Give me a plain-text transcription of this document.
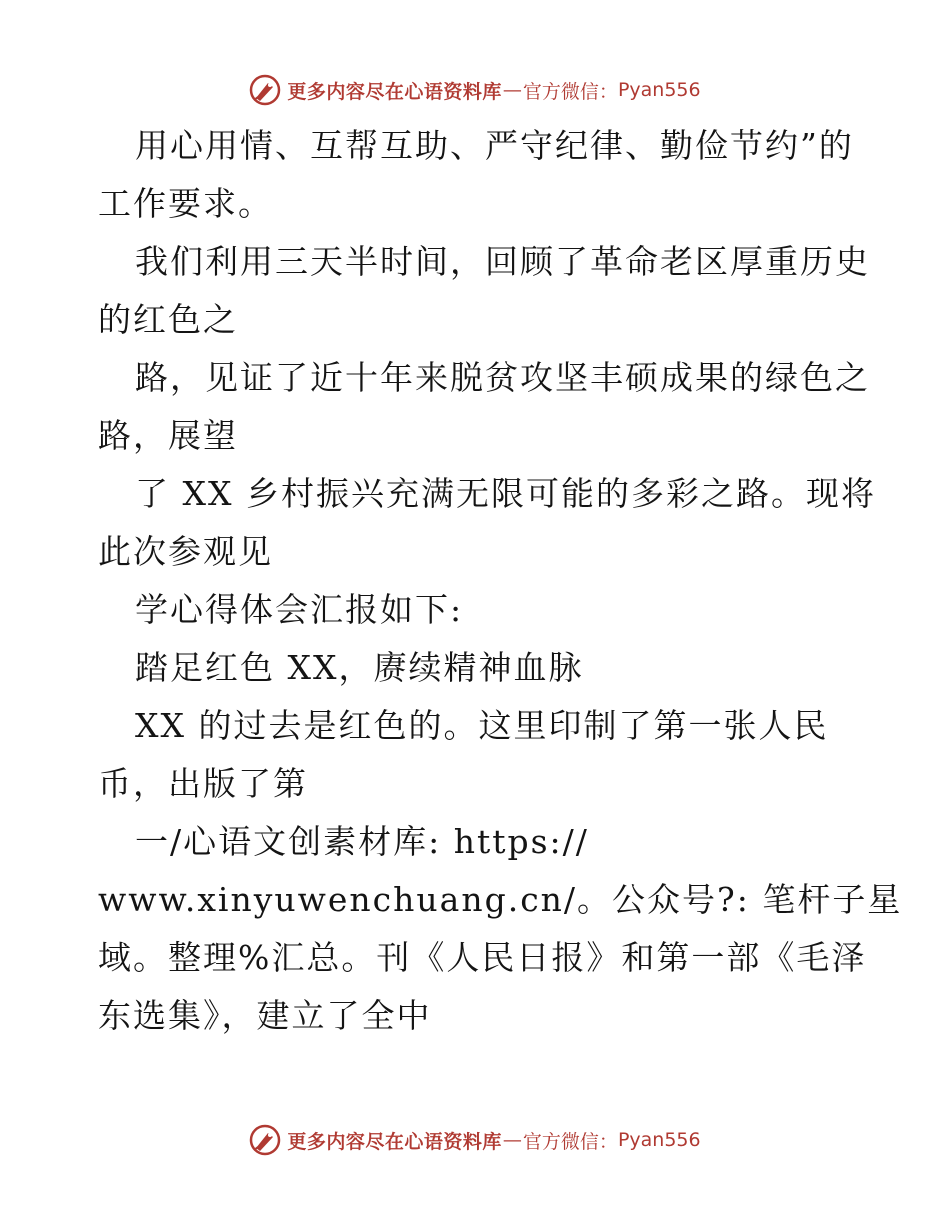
更多内容尽在心语资料库 — 官方微信： Pyan556
用心用情、互帮互助、严守纪律、勤俭节约”的
工作要求。
我们利用三天半时间，回顾了革命老区厚重历史
的红色之
路，见证了近十年来脱贫攻坚丰硕成果的绿色之
路，展望
了 XX 乡村振兴充满无限可能的多彩之路。现将
此次参观见
学心得体会汇报如下:
踏足红色 XX，赓续精神血脉
XX 的过去是红色的。这里印制了第一张人民
币，出版了第
一/心语文创素材库: https://
www.xinyuwenchuang.cn/。公众号?: 笔杆子星
域。整理%汇总。刊《人民日报》和第一部《毛泽
东选集》，建立了全中
更多内容尽在心语资料库 — 官方微信： Pyan556
